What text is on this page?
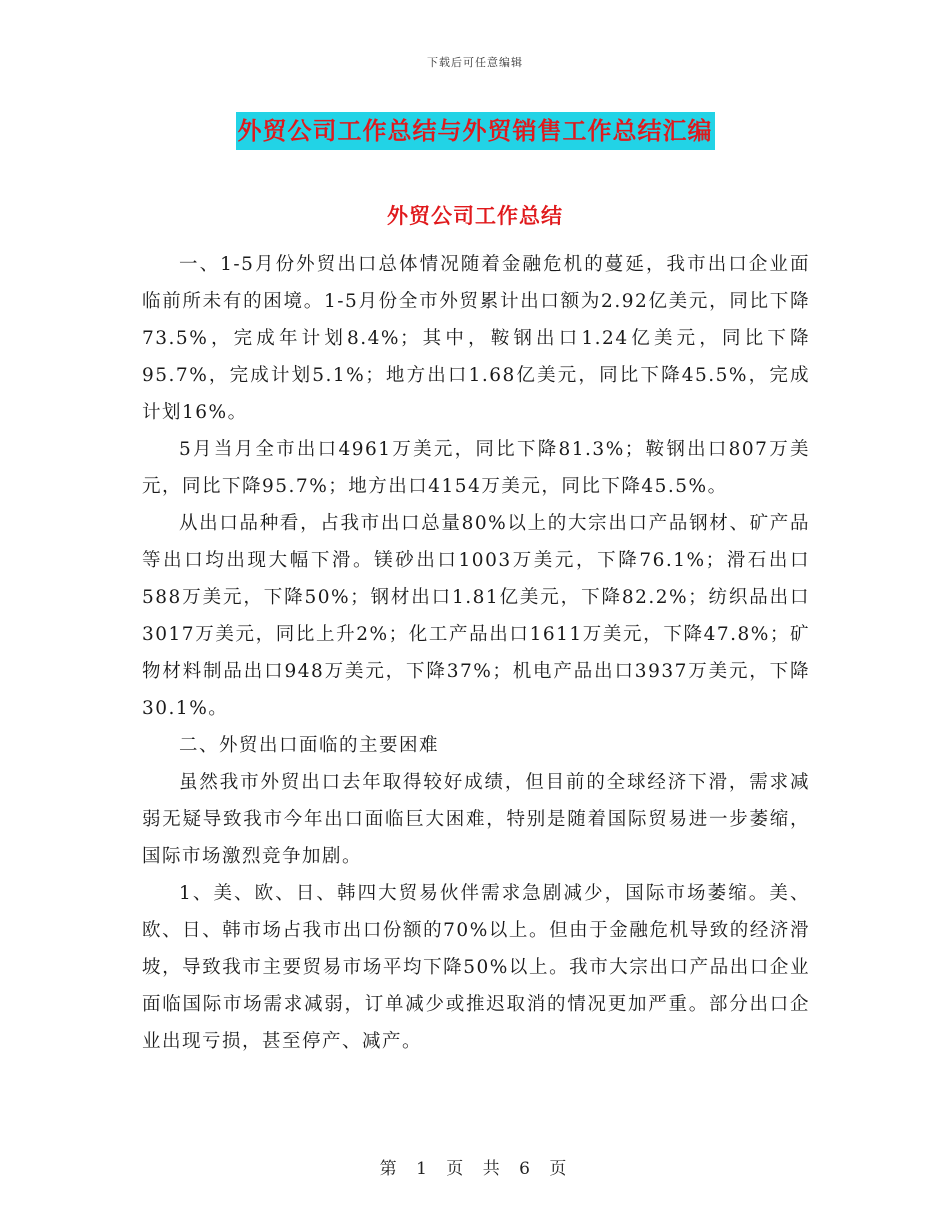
下载后可任意编辑
外贸公司工作总结与外贸销售工作总结汇编
外贸公司工作总结

一、1-5月份外贸出口总体情况随着金融危机的蔓延，我市出口企业面临前所未有的困境。1-5月份全市外贸累计出口额为2.92亿美元，同比下降73.5%，完成年计划8.4%；其中，鞍钢出口1.24亿美元，同比下降95.7%，完成计划5.1%；地方出口1.68亿美元，同比下降45.5%，完成计划16%。

5月当月全市出口4961万美元，同比下降81.3%；鞍钢出口807万美元，同比下降95.7%；地方出口4154万美元，同比下降45.5%。

从出口品种看，占我市出口总量80%以上的大宗出口产品钢材、矿产品等出口均出现大幅下滑。镁砂出口1003万美元，下降76.1%；滑石出口588万美元，下降50%；钢材出口1.81亿美元，下降82.2%；纺织品出口3017万美元，同比上升2%；化工产品出口1611万美元，下降47.8%；矿物材料制品出口948万美元，下降37%；机电产品出口3937万美元，下降30.1%。

二、外贸出口面临的主要困难

虽然我市外贸出口去年取得较好成绩，但目前的全球经济下滑，需求减弱无疑导致我市今年出口面临巨大困难，特别是随着国际贸易进一步萎缩，国际市场激烈竞争加剧。

1、美、欧、日、韩四大贸易伙伴需求急剧减少，国际市场萎缩。美、欧、日、韩市场占我市出口份额的70%以上。但由于金融危机导致的经济滑坡，导致我市主要贸易市场平均下降50%以上。我市大宗出口产品出口企业面临国际市场需求减弱，订单减少或推迟取消的情况更加严重。部分出口企业出现亏损，甚至停产、减产。

第 1 页 共 6 页
